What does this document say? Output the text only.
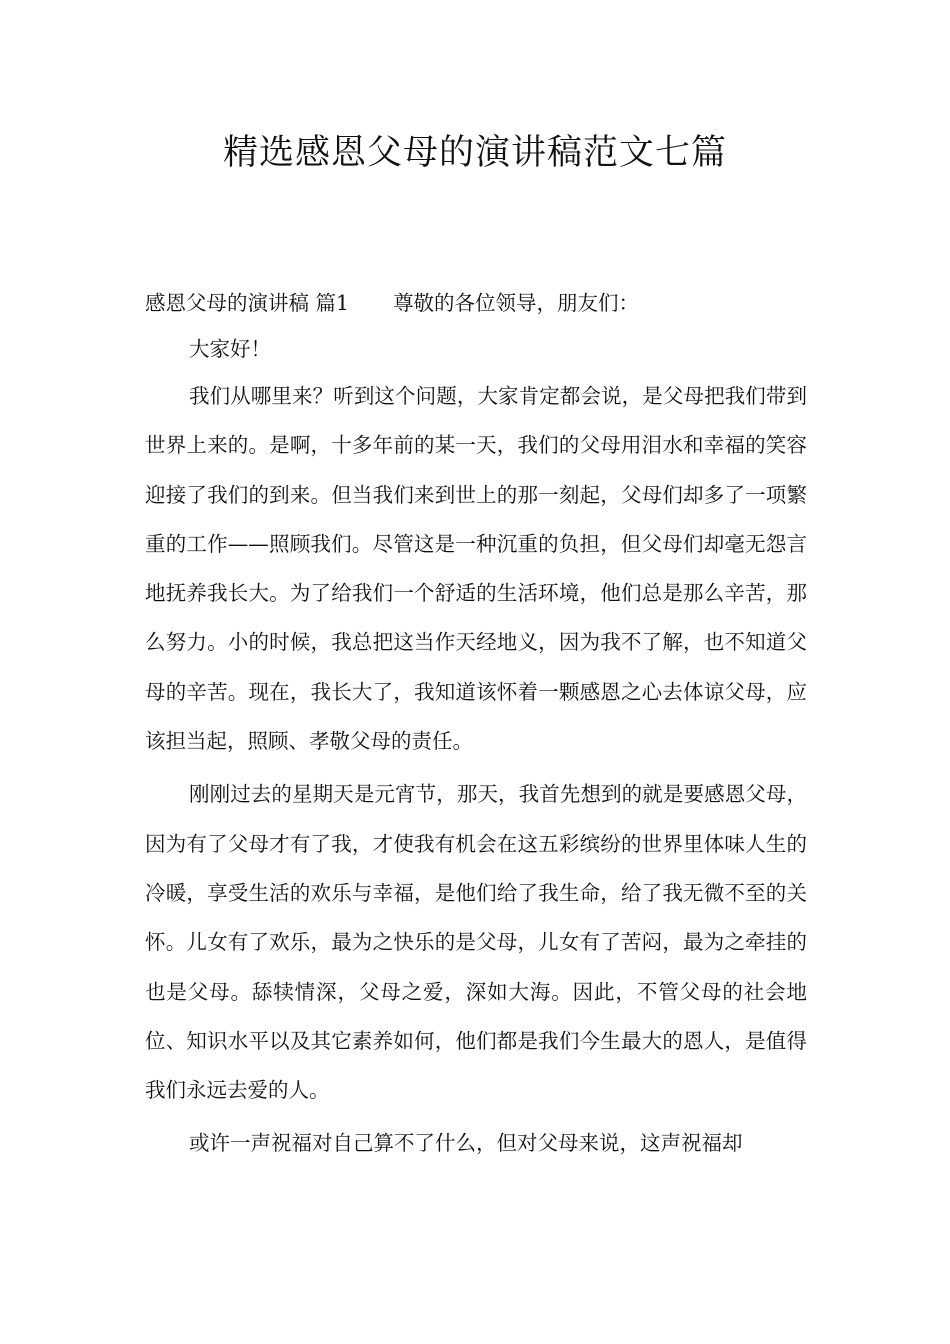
精选感恩父母的演讲稿范文七篇
感恩父母的演讲稿 篇1 尊敬的各位领导，朋友们：

大家好！

我们从哪里来？听到这个问题，大家肯定都会说，是父母把我们带到世界上来的。是啊，十多年前的某一天，我们的父母用泪水和幸福的笑容迎接了我们的到来。但当我们来到世上的那一刻起，父母们却多了一项繁重的工作——照顾我们。尽管这是一种沉重的负担，但父母们却毫无怨言地抚养我长大。为了给我们一个舒适的生活环境，他们总是那么辛苦，那么努力。小的时候，我总把这当作天经地义，因为我不了解，也不知道父母的辛苦。现在，我长大了，我知道该怀着一颗感恩之心去体谅父母，应该担当起，照顾、孝敬父母的责任。

刚刚过去的星期天是元宵节，那天，我首先想到的就是要感恩父母，因为有了父母才有了我，才使我有机会在这五彩缤纷的世界里体味人生的冷暖，享受生活的欢乐与幸福，是他们给了我生命，给了我无微不至的关怀。儿女有了欢乐，最为之快乐的是父母，儿女有了苦闷，最为之牵挂的也是父母。舔犊情深，父母之爱，深如大海。因此，不管父母的社会地位、知识水平以及其它素养如何，他们都是我们今生最大的恩人，是值得我们永远去爱的人。

或许一声祝福对自己算不了什么，但对父母来说，这声祝福却
